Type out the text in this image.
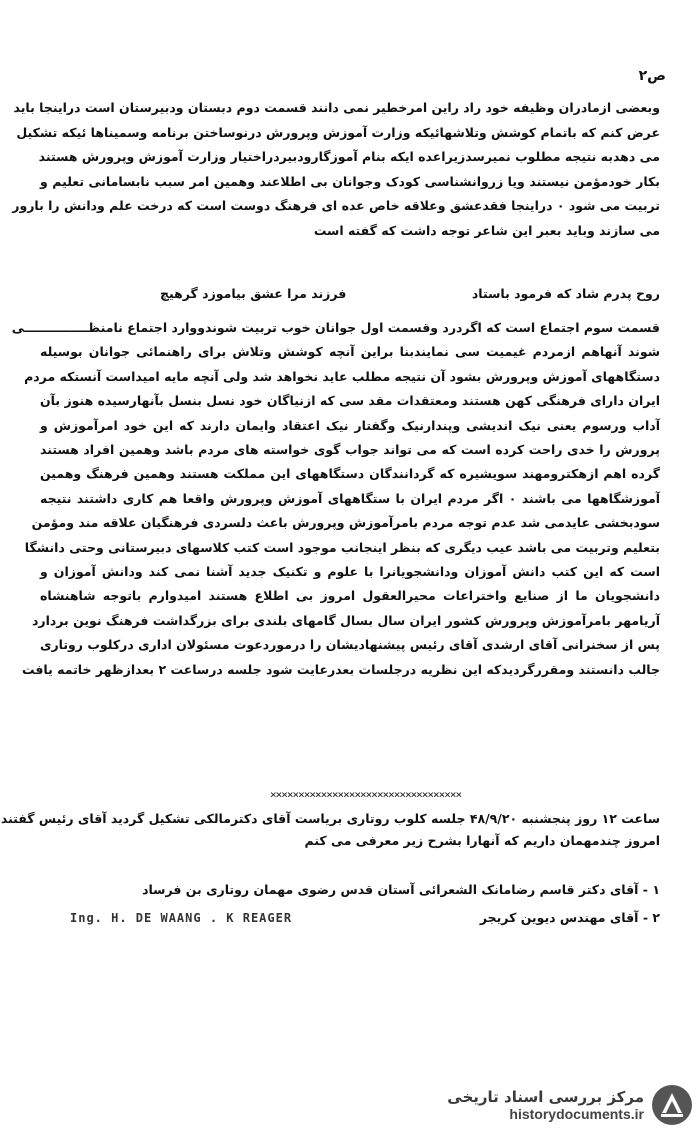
ص۲
وبعضی ازمادران وظیفه خود راد راین امرخطیر نمی دانند قسمت دوم دبستان ودبیرستان است دراینجا باید
عرض کنم که باتمام کوشش وتلاشهائیکه وزارت آموزش وپرورش درنوساختن برنامه وسمیناها ئیکه تشکیل
می دهدبه نتیجه مطلوب نمیرسدزیراعده ایکه بنام آموزگارودبیردراختیار وزارت آموزش وپرورش هستند
بکار خودمؤمن نیستند ویا زروانشناسی کودک وجوانان بی اطلاعند وهمین امر سبب نابسامانی تعلیم و
تربیت می شود ۰ دراینجا فقدعشق وعلاقه خاص عده ای فرهنگ دوست است که درخت علم ودانش را بارور
می سازند وباید بعبر این شاعر توجه داشت که گفته است
روح پدرم شاد که فرمود باستاد
فرزند مرا عشق بیاموزد گرهیچ
قسمت سوم اجتماع است که اگردرد وقسمت اول جوانان خوب تربیت شوندووارد اجتماع نامنظـــــــــــــــی
شوند آنهاهم ازمردم غیمیت سی نمایندبنا براین آنچه کوشش وتلاش برای راهنمائی جوانان بوسیله
دستگاههای آموزش وپرورش بشود آن نتیجه مطلب عاید نخواهد شد ولی آنچه مایه امیداست آنستکه مردم
ایران دارای فرهنگی کهن هستند ومعتقدات مقد سی که ازنیاگان خود نسل بنسل بآنهارسیده هنوز بآن
آداب ورسوم یعنی نیک اندیشی وپندارنیک وگفتار نیک اعتقاد وایمان دارند که این خود امرآموزش و
پرورش را خدی راحت کرده است که می تواند جواب گوی خواسته های مردم باشد وهمین افراد هستند
گرده اهم ازهکترومهند سویشیره که گردانندگان دستگاههای این مملکت هستند وهمین فرهنگ وهمین
آموزشگاهها می باشند ۰ اگر مردم ایران با ستگاههای آموزش وپرورش واقعا هم کاری داشتند نتیجه
سودبخشی عایدمی شد عدم توجه مردم بامرآموزش وپرورش باعث دلسردی فرهنگیان علاقه مند ومؤمن
بتعلیم وتربیت می باشد عیب دیگری که بنظر اینجانب موجود است کتب کلاسهای دبیرستانی وحتی دانشگا
است که این کتب دانش آموزان ودانشجویانرا با علوم و تکنیک جدید آشنا نمی کند ودانش آموزان و
دانشجویان ما از صنایع واختراعات محیرالعقول امروز بی اطلاع هستند امیدوارم باتوجه شاهنشاه
آریامهر بامرآموزش وپرورش کشور ایران سال بسال گامهای بلندی برای بزرگداشت فرهنگ نوین بردارد
پس از سخنرانی آقای ارشدی آقای رئیس پیشنهادیشان را درموردعوت مسئولان اداری درکلوب روتاری
جالب دانستند ومقررگردیدکه این نظریه درجلسات بعدرعایت شود جلسه درساعت ۲ بعدازظهر خاتمه یافت
××××××××××××××××××××××××××××××××××
ساعت ۱۲ روز پنجشنبه ۴۸/۹/۲۰ جلسه کلوب روتاری بریاست آقای دکترمالکی تشکیل گردید آقای رئیس گفتند
امروز چندمهمان داریم که آنهارا بشرح زیر معرفی می کنم
۱ - آقای دکتر قاسم رضامانک الشعرائی آستان قدس رضوی مهمان روتاری بن فرساد
۲ - آقای مهندس دیوین کریجر
Ing. H. DE WAANG . K REAGER
مرکز بررسی اسناد تاریخی
historydocuments.ir
